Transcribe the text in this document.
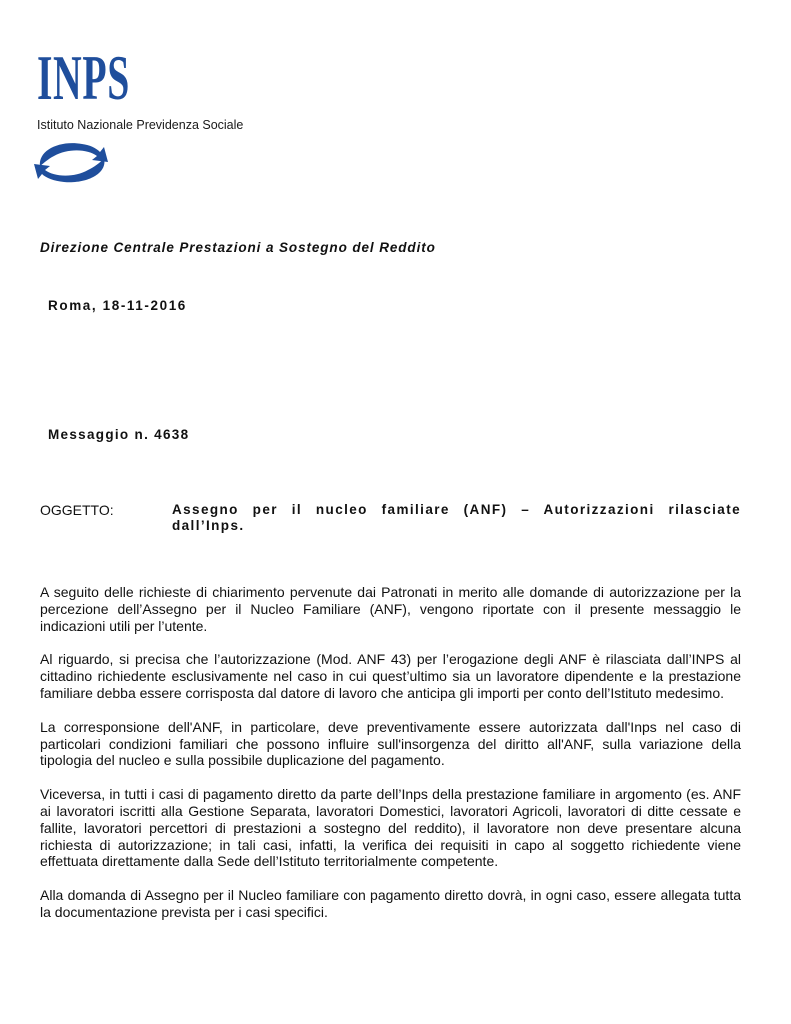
INPS
Istituto Nazionale Previdenza Sociale
Direzione Centrale Prestazioni a Sostegno del Reddito
Roma, 18-11-2016
Messaggio n. 4638
OGGETTO:	Assegno per il nucleo familiare (ANF) – Autorizzazioni rilasciate
dall’Inps.

A seguito delle richieste di chiarimento pervenute dai Patronati in merito alle domande di autorizzazione per la percezione dell’Assegno per il Nucleo Familiare (ANF), vengono riportate con il presente messaggio le indicazioni utili per l’utente.

Al riguardo, si precisa che l’autorizzazione (Mod. ANF 43) per l’erogazione degli ANF è rilasciata dall’INPS al cittadino richiedente esclusivamente nel caso in cui quest’ultimo sia un lavoratore dipendente e la prestazione familiare debba essere corrisposta dal datore di lavoro che anticipa gli importi per conto dell’Istituto medesimo.

La corresponsione dell'ANF, in particolare, deve preventivamente essere autorizzata dall'Inps nel caso di particolari condizioni familiari che possono influire sull'insorgenza del diritto all'ANF, sulla variazione della tipologia del nucleo e sulla possibile duplicazione del pagamento.

Viceversa, in tutti i casi di pagamento diretto da parte dell’Inps della prestazione familiare in argomento (es. ANF ai lavoratori iscritti alla Gestione Separata, lavoratori Domestici, lavoratori Agricoli, lavoratori di ditte cessate e fallite, lavoratori percettori di prestazioni a sostegno del reddito), il lavoratore non deve presentare alcuna richiesta di autorizzazione; in tali casi, infatti, la verifica dei requisiti in capo al soggetto richiedente viene effettuata direttamente dalla Sede dell’Istituto territorialmente competente.

Alla domanda di Assegno per il Nucleo familiare con pagamento diretto dovrà, in ogni caso, essere allegata tutta la documentazione prevista per i casi specifici.
